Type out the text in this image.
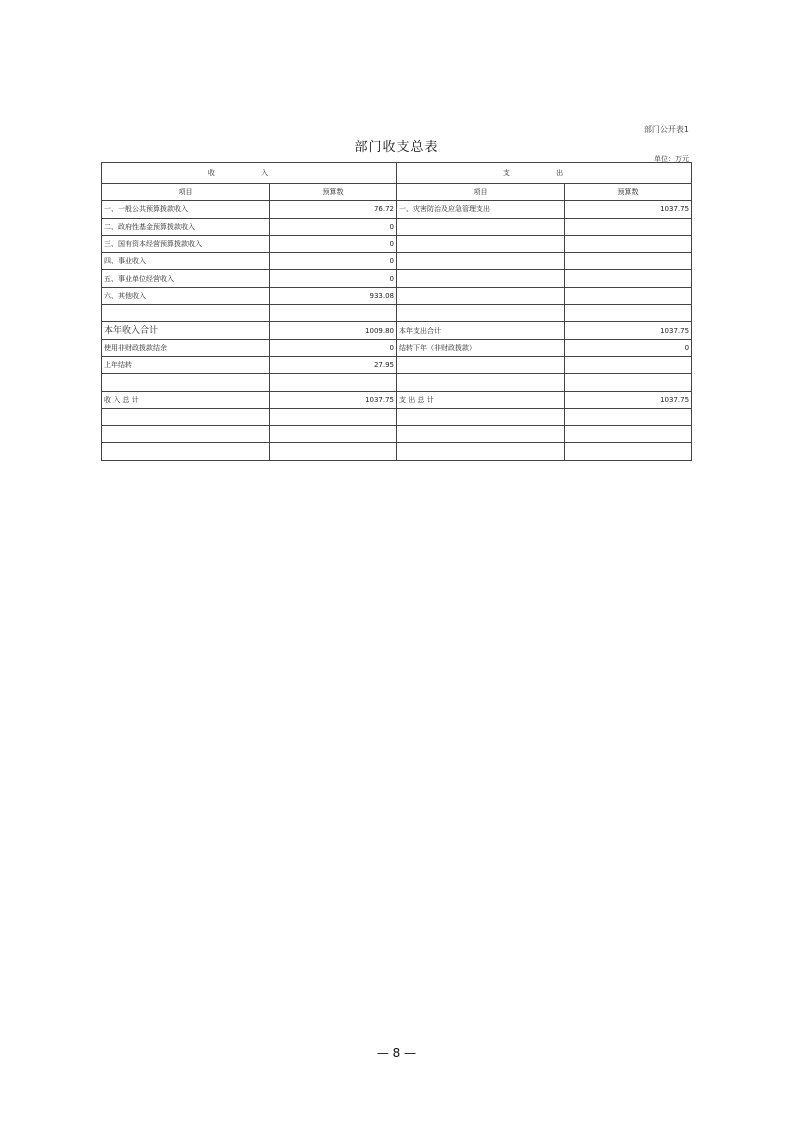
部门公开表1
部门收支总表
单位：万元
收 入		支 出	
项目	预算数	项目	预算数
一、一般公共预算拨款收入	76.72	一、灾害防治及应急管理支出	1037.75
二、政府性基金预算拨款收入	0		
三、国有资本经营预算拨款收入	0		
四、事业收入	0		
五、事业单位经营收入	0		
六、其他收入	933.08		

本年收入合计	1009.80	本年支出合计	1037.75
使用非财政拨款结余	0	结转下年（非财政拨款）	0
上年结转	27.95		

收 入 总 计	1037.75	支 出 总 计	1037.75

— 8 —
